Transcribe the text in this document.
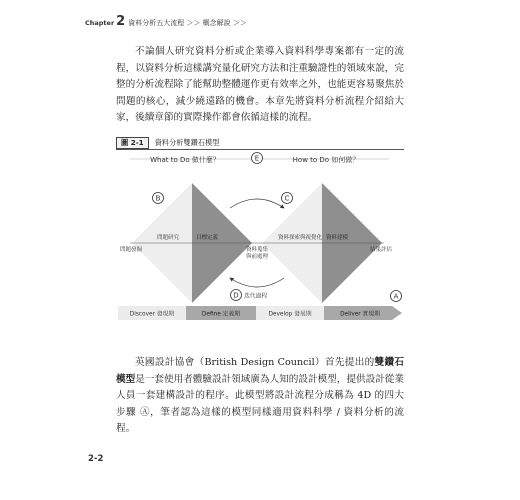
Chapter 2 資料分析五大流程 ＞＞ 概念解說 ＞＞
不論個人研究資料分析或企業導入資料科學專案都有一定的流程，以資料分析這樣講究量化研究方法和注重驗證性的領域來說，完整的分析流程除了能幫助整體運作更有效率之外，也能更容易聚焦於問題的核心，減少繞遠路的機會。本章先將資料分析流程介紹給大家，後續章節的實際操作都會依循這樣的流程。
圖 2-1	資料分析雙鑽石模型
What to Do 做什麼？	How to Do 如何做？
E
B	C
問題發掘
問題研究	目標定義
資料蒐集
與前處理
資料探索與視覺化 資料建模
結果評估
D 迭代過程	A
Discover 發現期	Define 定義期	Develop 發展期	Deliver 實現期
英國設計協會（British Design Council）首先提出的雙鑽石模型是一套使用者體驗設計領域廣為人知的設計模型，提供設計從業人員一套建構設計的程序。此模型將設計流程分成稱為 4D 的四大步驟 Ⓐ，筆者認為這樣的模型同樣適用資料科學 / 資料分析的流程。
2-2
